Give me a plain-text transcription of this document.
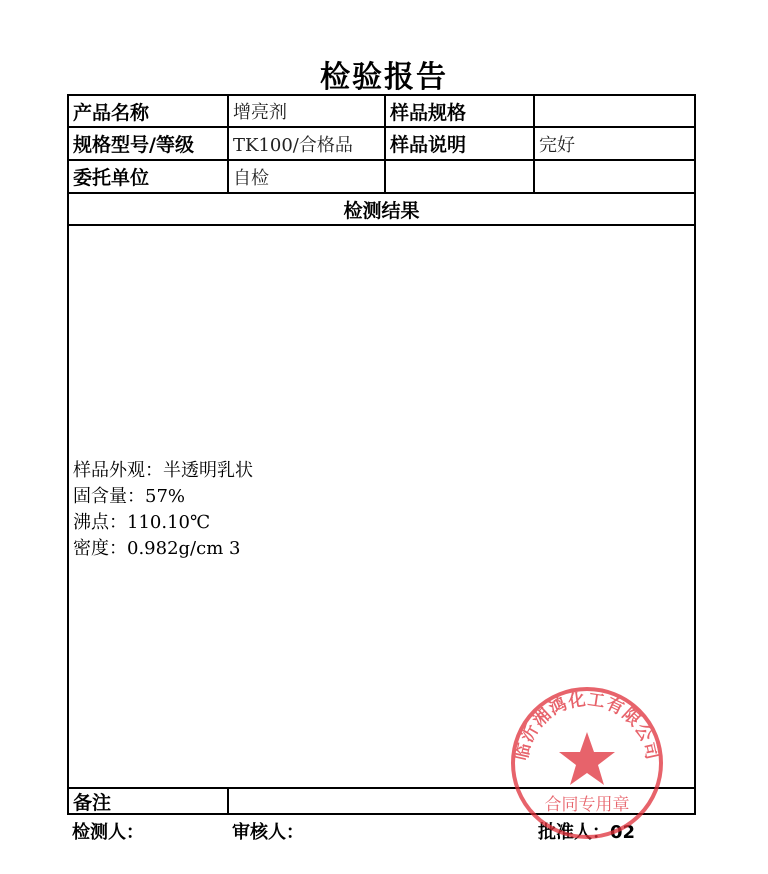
检验报告
产品名称	增亮剂	样品规格
规格型号/等级	TK100/合格品	样品说明	完好
委托单位	自检
检测结果
样品外观：半透明乳状
固含量：57%
沸点：110.10℃
密度：0.982g/cm 3
备注
检测人：	审核人：	批准人：02
临沂湘鸿化工有限公司
合同专用章
